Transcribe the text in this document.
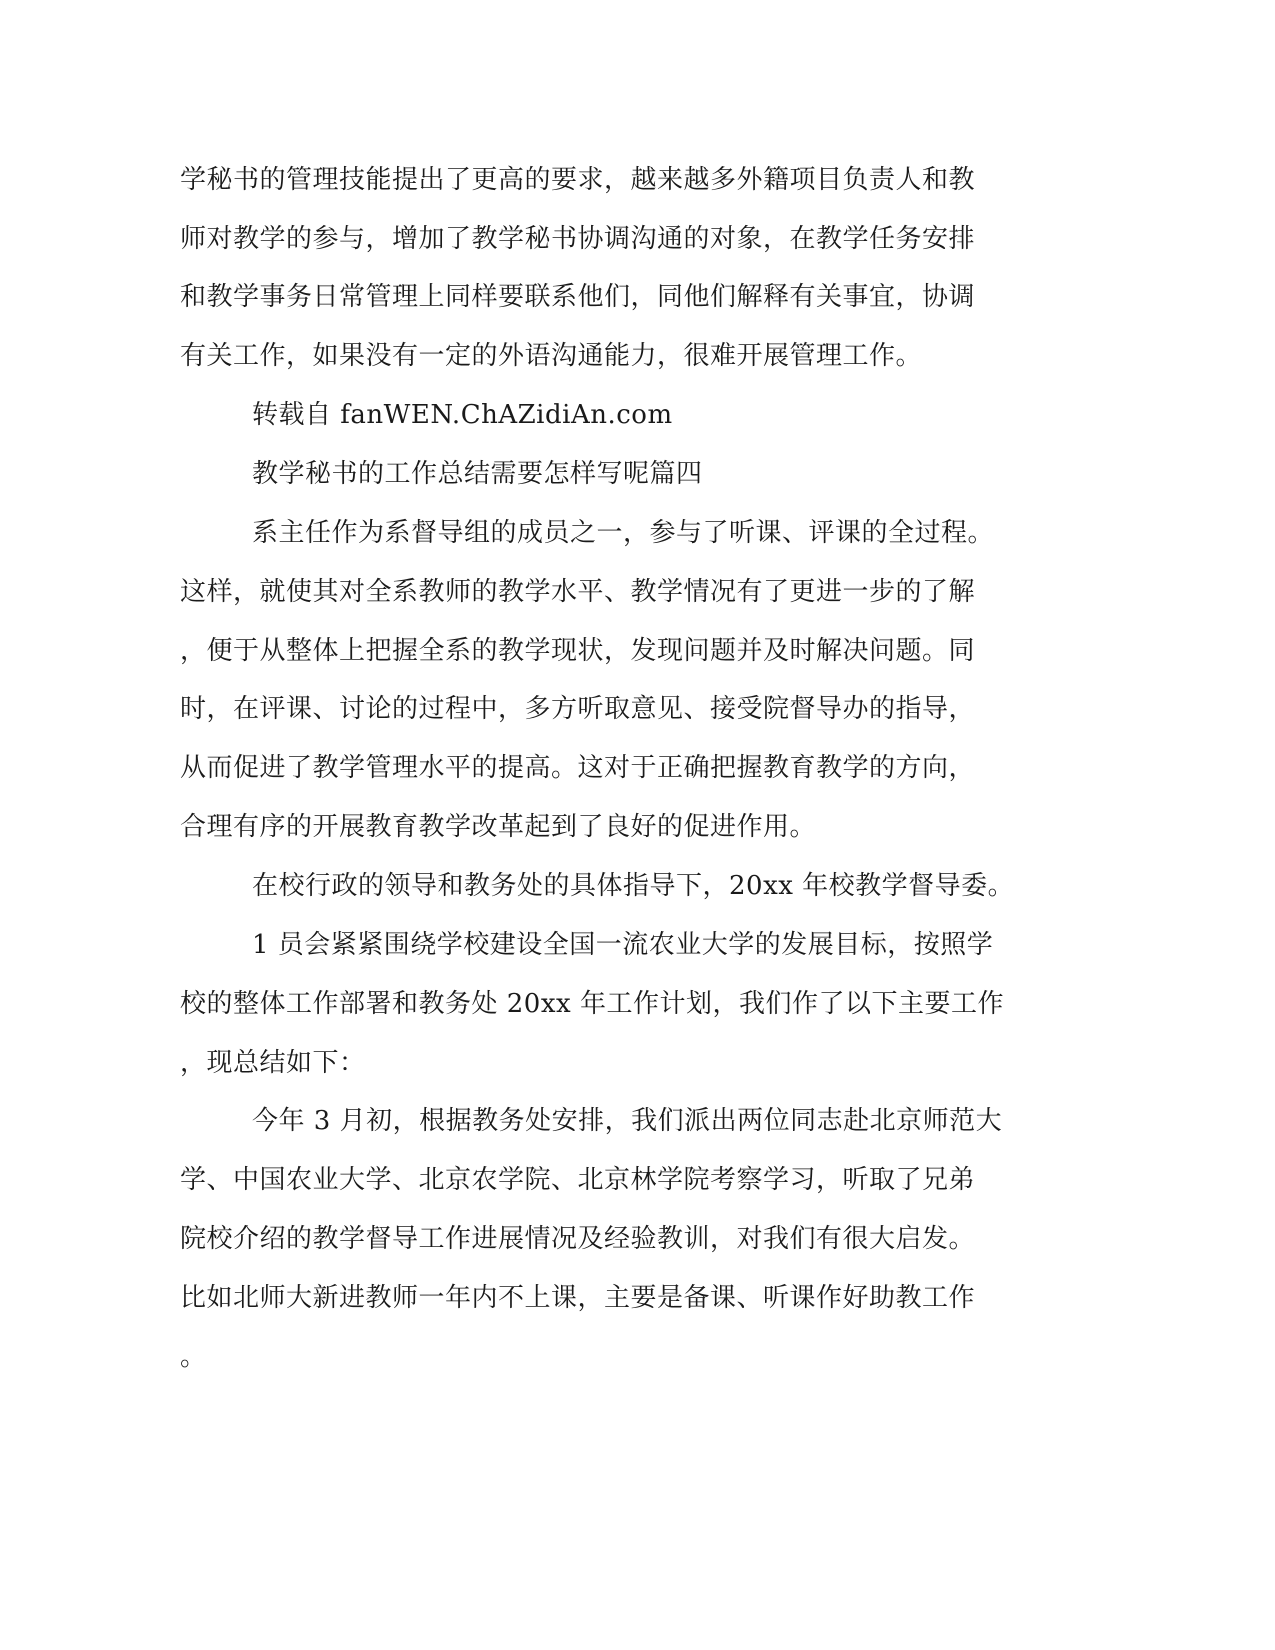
学秘书的管理技能提出了更高的要求，越来越多外籍项目负责人和教
师对教学的参与，增加了教学秘书协调沟通的对象，在教学任务安排
和教学事务日常管理上同样要联系他们，同他们解释有关事宜，协调
有关工作，如果没有一定的外语沟通能力，很难开展管理工作。
转载自 fanWEN.ChAZidiAn.com
教学秘书的工作总结需要怎样写呢篇四
系主任作为系督导组的成员之一，参与了听课、评课的全过程。
这样，就使其对全系教师的教学水平、教学情况有了更进一步的了解
，便于从整体上把握全系的教学现状，发现问题并及时解决问题。同
时，在评课、讨论的过程中，多方听取意见、接受院督导办的指导，
从而促进了教学管理水平的提高。这对于正确把握教育教学的方向，
合理有序的开展教育教学改革起到了良好的促进作用。
在校行政的领导和教务处的具体指导下，20xx 年校教学督导委。
1 员会紧紧围绕学校建设全国一流农业大学的发展目标，按照学
校的整体工作部署和教务处 20xx 年工作计划，我们作了以下主要工作
，现总结如下：
今年 3 月初，根据教务处安排，我们派出两位同志赴北京师范大
学、中国农业大学、北京农学院、北京林学院考察学习，听取了兄弟
院校介绍的教学督导工作进展情况及经验教训，对我们有很大启发。
比如北师大新进教师一年内不上课，主要是备课、听课作好助教工作
。
